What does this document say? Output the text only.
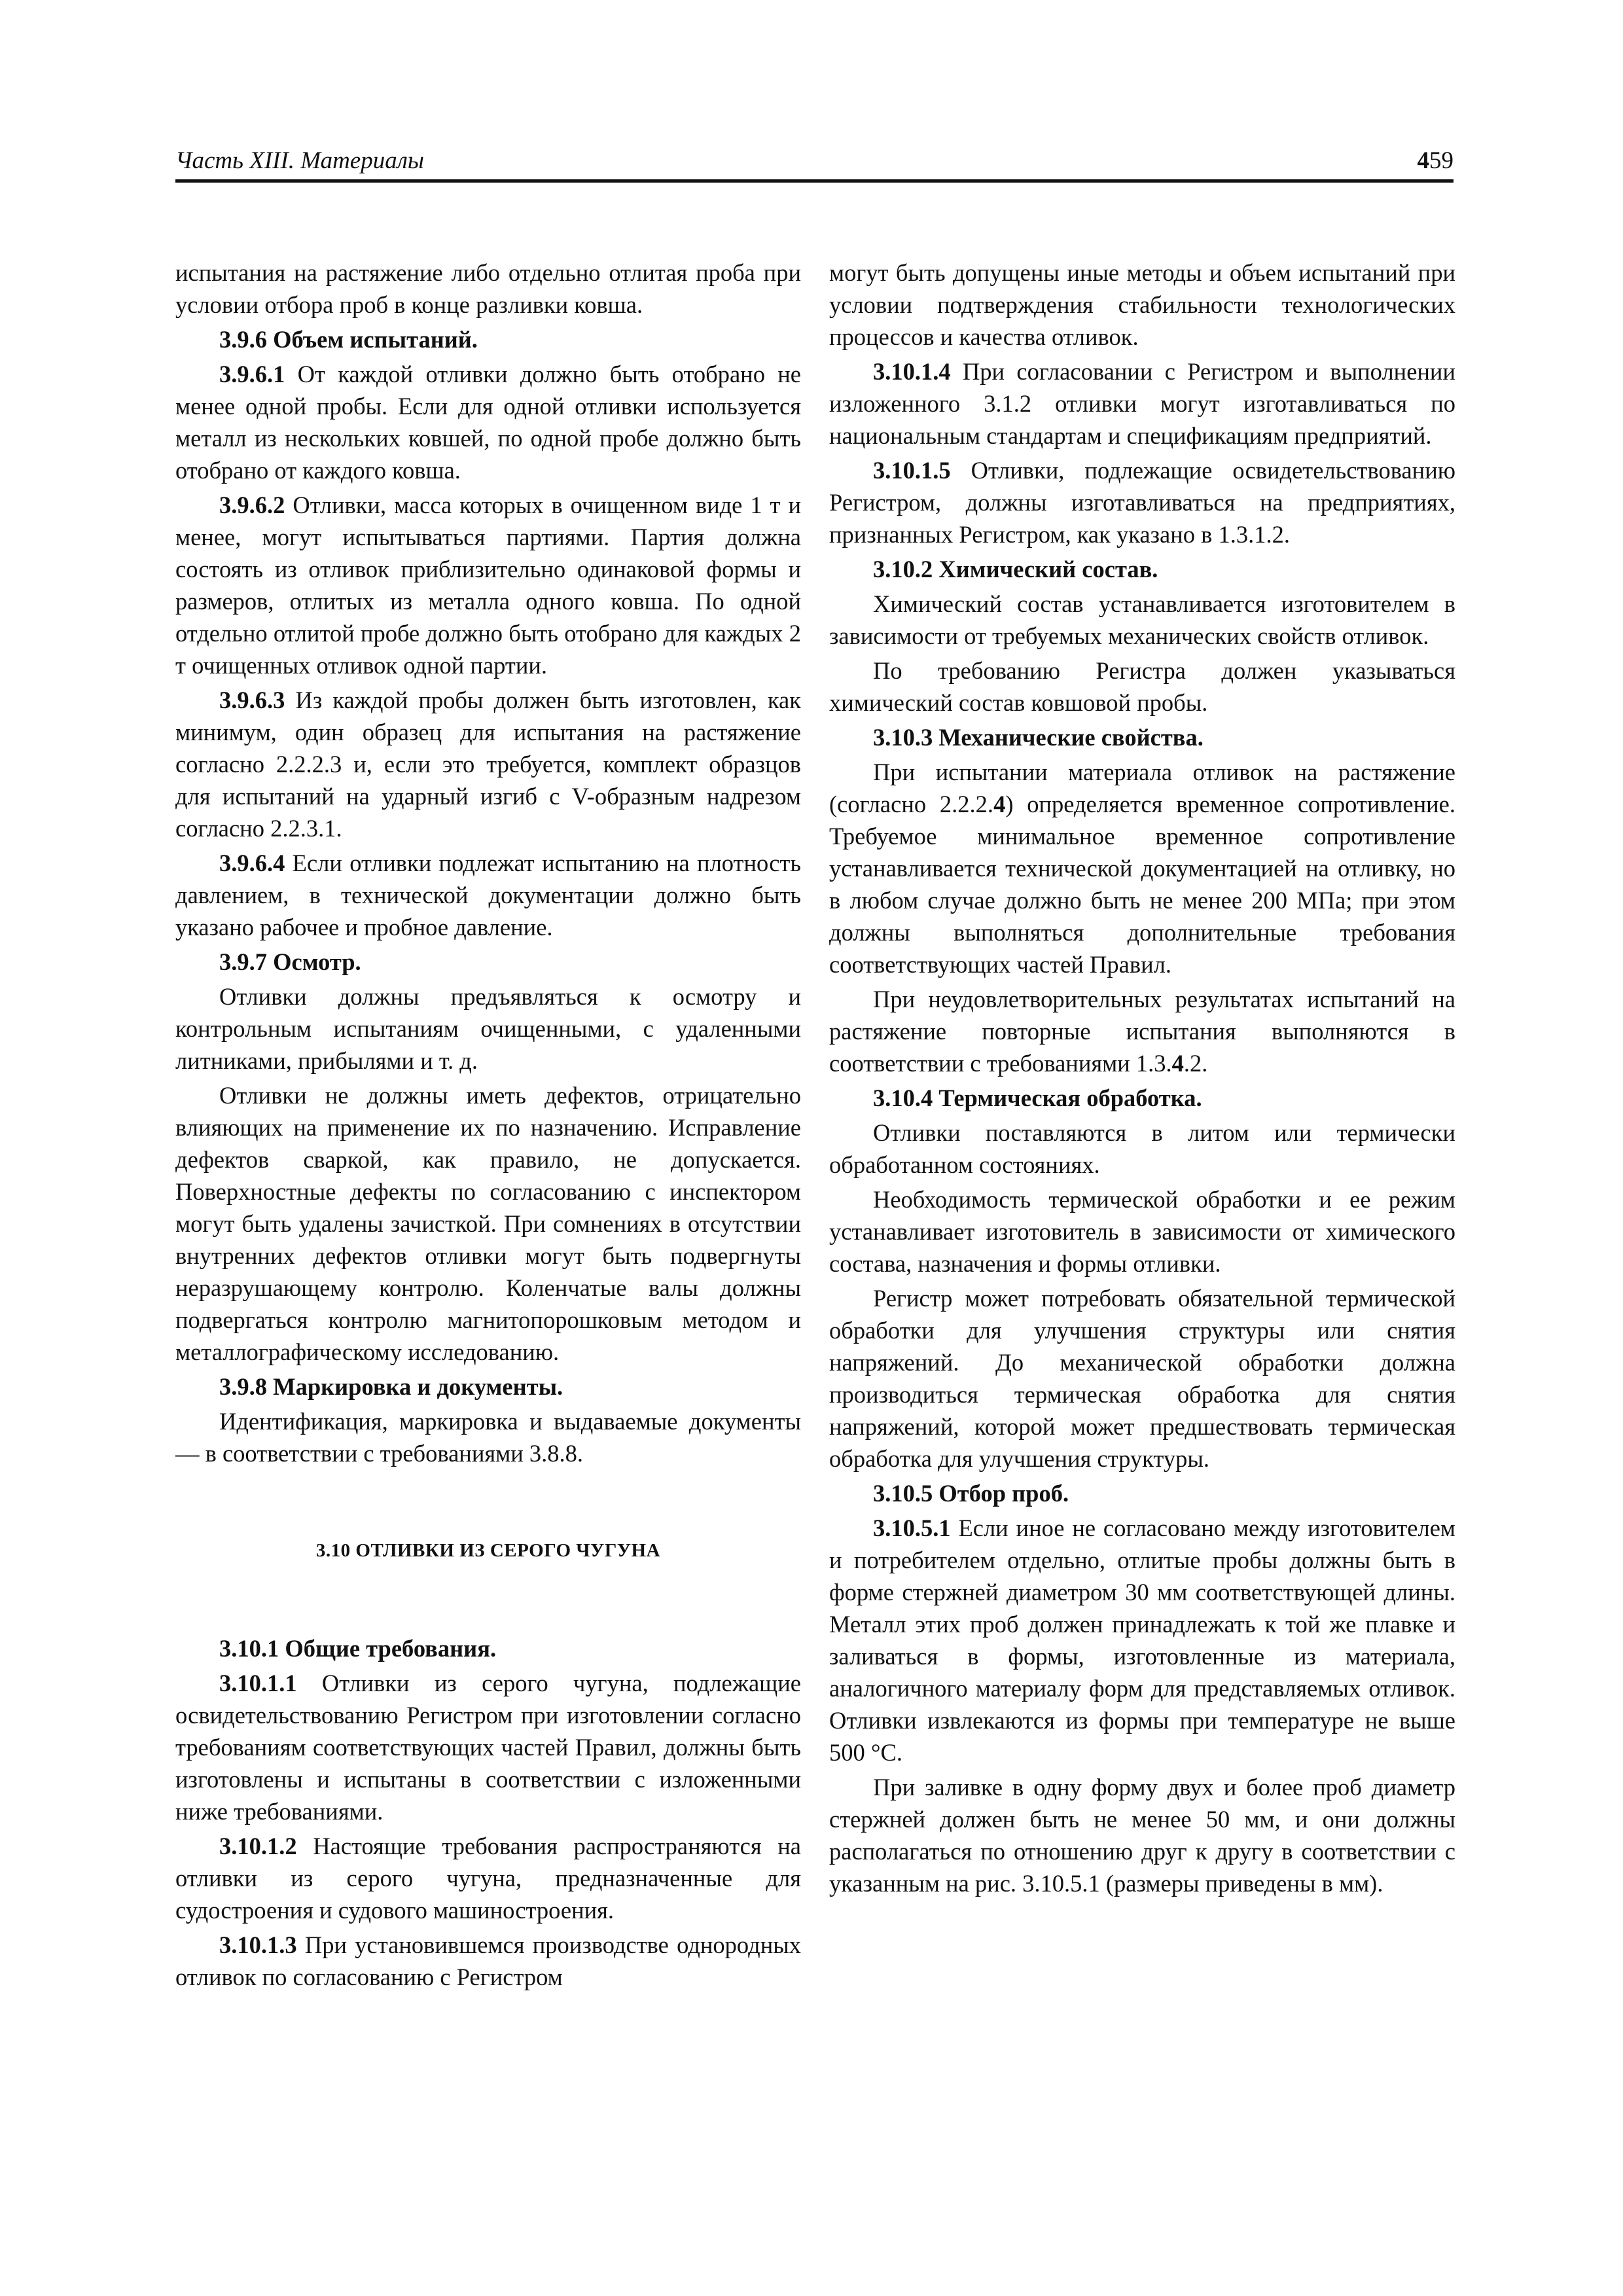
Часть XIII. Материалы	459

испытания на растяжение либо отдельно отлитая проба при условии отбора проб в конце разливки ковша.

3.9.6 Объем испытаний.

3.9.6.1 От каждой отливки должно быть отобрано не менее одной пробы. Если для одной отливки используется металл из нескольких ковшей, по одной пробе должно быть отобрано от каждого ковша.

3.9.6.2 Отливки, масса которых в очищенном виде 1 т и менее, могут испытываться партиями. Партия должна состоять из отливок приблизительно одинаковой формы и размеров, отлитых из металла одного ковша. По одной отдельно отлитой пробе должно быть отобрано для каждых 2 т очищенных отливок одной партии.

3.9.6.3 Из каждой пробы должен быть изготовлен, как минимум, один образец для испытания на растяжение согласно 2.2.2.3 и, если это требуется, комплект образцов для испытаний на ударный изгиб с V-образным надрезом согласно 2.2.3.1.

3.9.6.4 Если отливки подлежат испытанию на плотность давлением, в технической документации должно быть указано рабочее и пробное давление.

3.9.7 Осмотр.

Отливки должны предъявляться к осмотру и контрольным испытаниям очищенными, с удаленными литниками, прибылями и т. д.

Отливки не должны иметь дефектов, отрицательно влияющих на применение их по назначению. Исправление дефектов сваркой, как правило, не допускается. Поверхностные дефекты по согласованию с инспектором могут быть удалены зачисткой. При сомнениях в отсутствии внутренних дефектов отливки могут быть подвергнуты неразрушающему контролю. Коленчатые валы должны подвергаться контролю магнитопорошковым методом и металлографическому исследованию.

3.9.8 Маркировка и документы.

Идентификация, маркировка и выдаваемые документы — в соответствии с требованиями 3.8.8.

3.10 ОТЛИВКИ ИЗ СЕРОГО ЧУГУНА

3.10.1 Общие требования.

3.10.1.1 Отливки из серого чугуна, подлежащие освидетельствованию Регистром при изготовлении согласно требованиям соответствующих частей Правил, должны быть изготовлены и испытаны в соответствии с изложенными ниже требованиями.

3.10.1.2 Настоящие требования распространяются на отливки из серого чугуна, предназначенные для судостроения и судового машиностроения.

3.10.1.3 При установившемся производстве однородных отливок по согласованию с Регистром

могут быть допущены иные методы и объем испытаний при условии подтверждения стабильности технологических процессов и качества отливок.

3.10.1.4 При согласовании с Регистром и выполнении изложенного 3.1.2 отливки могут изготавливаться по национальным стандартам и спецификациям предприятий.

3.10.1.5 Отливки, подлежащие освидетельствованию Регистром, должны изготавливаться на предприятиях, признанных Регистром, как указано в 1.3.1.2.

3.10.2 Химический состав.

Химический состав устанавливается изготовителем в зависимости от требуемых механических свойств отливок.

По требованию Регистра должен указываться химический состав ковшовой пробы.

3.10.3 Механические свойства.

При испытании материала отливок на растяжение (согласно 2.2.2.4) определяется временное сопротивление. Требуемое минимальное временное сопротивление устанавливается технической документацией на отливку, но в любом случае должно быть не менее 200 МПа; при этом должны выполняться дополнительные требования соответствующих частей Правил.

При неудовлетворительных результатах испытаний на растяжение повторные испытания выполняются в соответствии с требованиями 1.3.4.2.

3.10.4 Термическая обработка.

Отливки поставляются в литом или термически обработанном состояниях.

Необходимость термической обработки и ее режим устанавливает изготовитель в зависимости от химического состава, назначения и формы отливки.

Регистр может потребовать обязательной термической обработки для улучшения структуры или снятия напряжений. До механической обработки должна производиться термическая обработка для снятия напряжений, которой может предшествовать термическая обработка для улучшения структуры.

3.10.5 Отбор проб.

3.10.5.1 Если иное не согласовано между изготовителем и потребителем отдельно, отлитые пробы должны быть в форме стержней диаметром 30 мм соответствующей длины. Металл этих проб должен принадлежать к той же плавке и заливаться в формы, изготовленные из материала, аналогичного материалу форм для представляемых отливок. Отливки извлекаются из формы при температуре не выше 500 °С.

При заливке в одну форму двух и более проб диаметр стержней должен быть не менее 50 мм, и они должны располагаться по отношению друг к другу в соответствии с указанным на рис. 3.10.5.1 (размеры приведены в мм).
